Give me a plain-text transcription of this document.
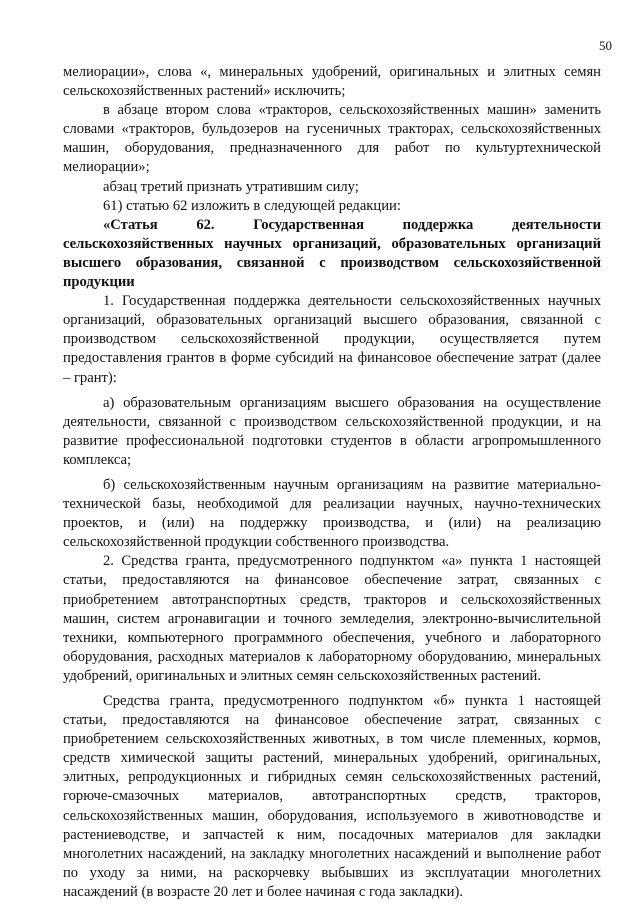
50

мелиорации», слова «, минеральных удобрений, оригинальных и элитных семян сельскохозяйственных растений» исключить;

в абзаце втором слова «тракторов, сельскохозяйственных машин» заменить словами «тракторов, бульдозеров на гусеничных тракторах, сельскохозяйственных машин, оборудования, предназначенного для работ по культуртехнической мелиорации»;

абзац третий признать утратившим силу;

61) статью 62 изложить в следующей редакции:

«Статья 62. Государственная поддержка деятельности сельскохозяйственных научных организаций, образовательных организаций высшего образования, связанной с производством сельскохозяйственной продукции

1. Государственная поддержка деятельности сельскохозяйственных научных организаций, образовательных организаций высшего образования, связанной с производством сельскохозяйственной продукции, осуществляется путем предоставления грантов в форме субсидий на финансовое обеспечение затрат (далее – грант):

а) образовательным организациям высшего образования на осуществление деятельности, связанной с производством сельскохозяйственной продукции, и на развитие профессиональной подготовки студентов в области агропромышленного комплекса;

б) сельскохозяйственным научным организациям на развитие материально-технической базы, необходимой для реализации научных, научно-технических проектов, и (или) на поддержку производства, и (или) на реализацию сельскохозяйственной продукции собственного производства.

2. Средства гранта, предусмотренного подпунктом «а» пункта 1 настоящей статьи, предоставляются на финансовое обеспечение затрат, связанных с приобретением автотранспортных средств, тракторов и сельскохозяйственных машин, систем агронавигации и точного земледелия, электронно-вычислительной техники, компьютерного программного обеспечения, учебного и лабораторного оборудования, расходных материалов к лабораторному оборудованию, минеральных удобрений, оригинальных и элитных семян сельскохозяйственных растений.

Средства гранта, предусмотренного подпунктом «б» пункта 1 настоящей статьи, предоставляются на финансовое обеспечение затрат, связанных с приобретением сельскохозяйственных животных, в том числе племенных, кормов, средств химической защиты растений, минеральных удобрений, оригинальных, элитных, репродукционных и гибридных семян сельскохозяйственных растений, горюче-смазочных материалов, автотранспортных средств, тракторов, сельскохозяйственных машин, оборудования, используемого в животноводстве и растениеводстве, и запчастей к ним, посадочных материалов для закладки многолетних насаждений, на закладку многолетних насаждений и выполнение работ по уходу за ними, на раскорчевку выбывших из эксплуатации многолетних насаждений (в возрасте 20 лет и более начиная с года закладки).
